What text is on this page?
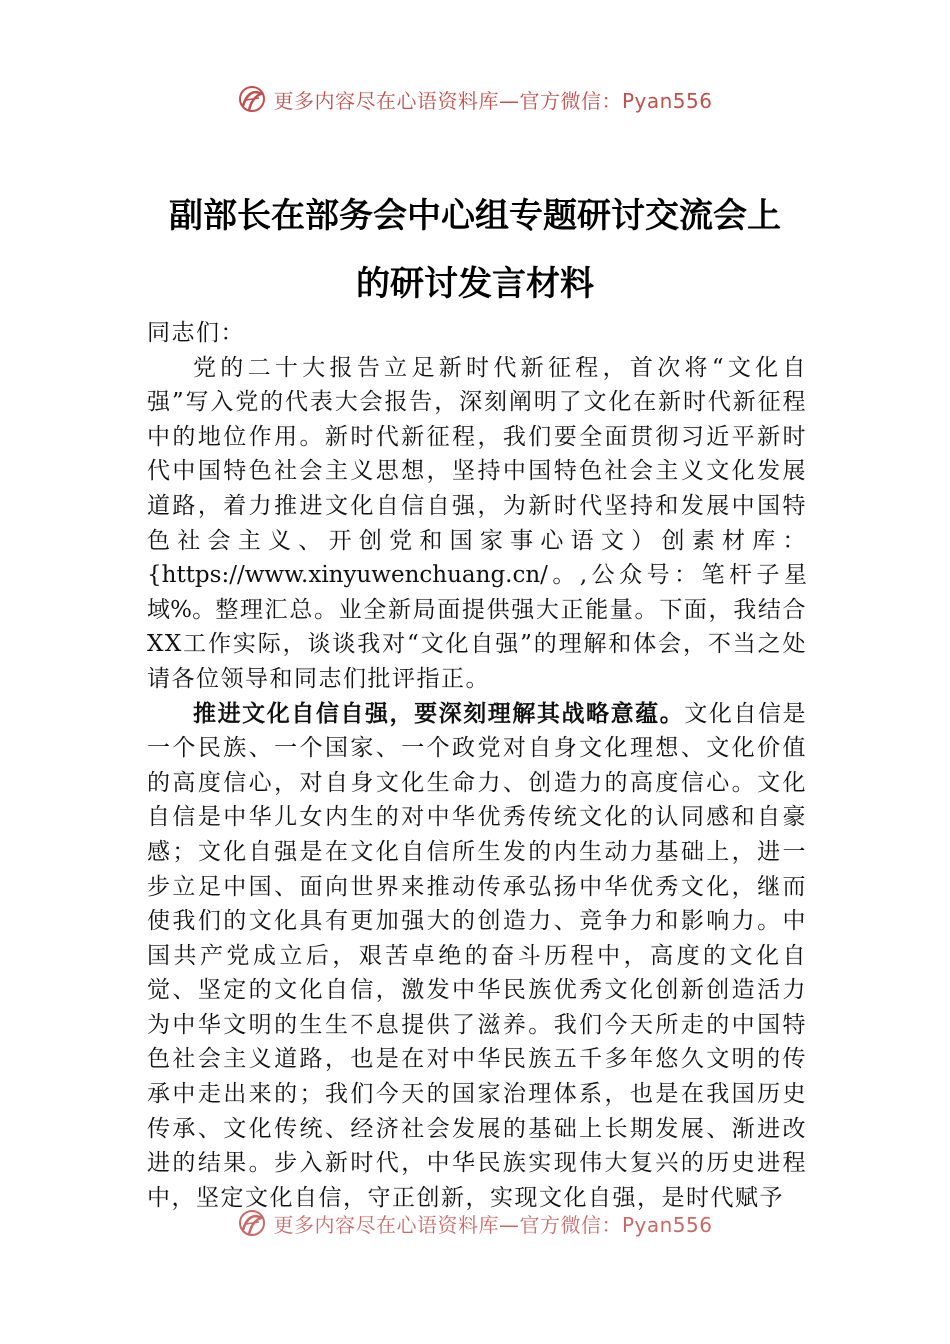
更多内容尽在心语资料库—官方微信：Pyan556
副部长在部务会中心组专题研讨交流会上
的研讨发言材料

同志们：

党的二十大报告立足新时代新征程，首次将“文化自强”写入党的代表大会报告，深刻阐明了文化在新时代新征程中的地位作用。新时代新征程，我们要全面贯彻习近平新时代中国特色社会主义思想，坚持中国特色社会主义文化发展道路，着力推进文化自信自强，为新时代坚持和发展中国特色社会主义、开创党和国家事心语文）创素材库：{https://www.xinyuwenchuang.cn/。,公众号：笔杆子星域%。整理汇总。业全新局面提供强大正能量。下面，我结合XX工作实际，谈谈我对“文化自强”的理解和体会，不当之处请各位领导和同志们批评指正。

推进文化自信自强，要深刻理解其战略意蕴。文化自信是一个民族、一个国家、一个政党对自身文化理想、文化价值的高度信心，对自身文化生命力、创造力的高度信心。文化自信是中华儿女内生的对中华优秀传统文化的认同感和自豪感；文化自强是在文化自信所生发的内生动力基础上，进一步立足中国、面向世界来推动传承弘扬中华优秀文化，继而使我们的文化具有更加强大的创造力、竞争力和影响力。中国共产党成立后，艰苦卓绝的奋斗历程中，高度的文化自觉、坚定的文化自信，激发中华民族优秀文化创新创造活力为中华文明的生生不息提供了滋养。我们今天所走的中国特色社会主义道路，也是在对中华民族五千多年悠久文明的传承中走出来的；我们今天的国家治理体系，也是在我国历史传承、文化传统、经济社会发展的基础上长期发展、渐进改进的结果。步入新时代，中华民族实现伟大复兴的历史进程中，坚定文化自信，守正创新，实现文化自强，是时代赋予

更多内容尽在心语资料库—官方微信：Pyan556
